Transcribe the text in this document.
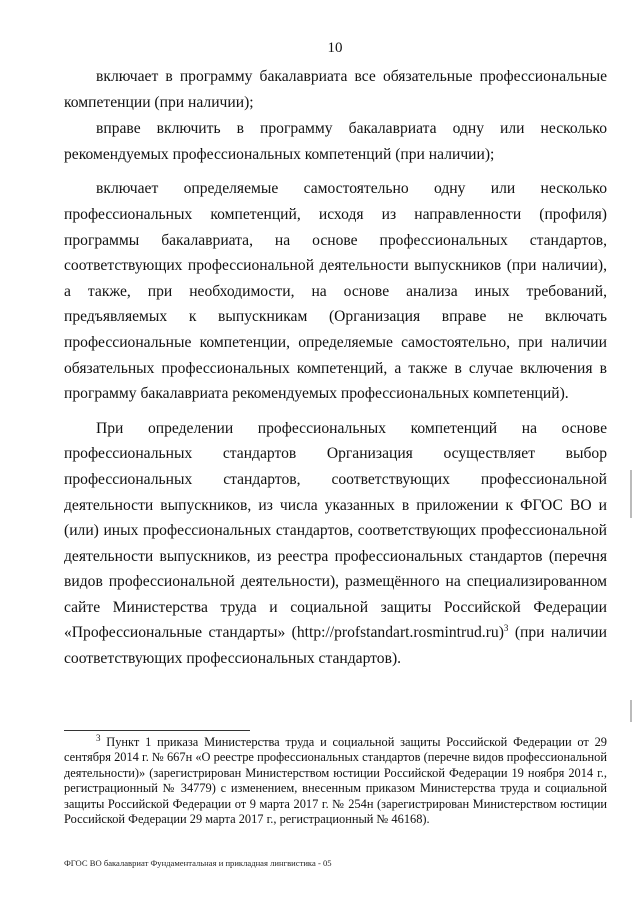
10

включает в программу бакалавриата все обязательные профессиональные компетенции (при наличии);

вправе включить в программу бакалавриата одну или несколько рекомендуемых профессиональных компетенций (при наличии);

включает определяемые самостоятельно одну или несколько профессиональных компетенций, исходя из направленности (профиля) программы бакалавриата, на основе профессиональных стандартов, соответствующих профессиональной деятельности выпускников (при наличии), а также, при необходимости, на основе анализа иных требований, предъявляемых к выпускникам (Организация вправе не включать профессиональные компетенции, определяемые самостоятельно, при наличии обязательных профессиональных компетенций, а также в случае включения в программу бакалавриата рекомендуемых профессиональных компетенций).

При определении профессиональных компетенций на основе профессиональных стандартов Организация осуществляет выбор профессиональных стандартов, соответствующих профессиональной деятельности выпускников, из числа указанных в приложении к ФГОС ВО и (или) иных профессиональных стандартов, соответствующих профессиональной деятельности выпускников, из реестра профессиональных стандартов (перечня видов профессиональной деятельности), размещённого на специализированном сайте Министерства труда и социальной защиты Российской Федерации «Профессиональные стандарты» (http://profstandart.rosmintrud.ru)$^3$ (при наличии соответствующих профессиональных стандартов).

$^3$ Пункт 1 приказа Министерства труда и социальной защиты Российской Федерации от 29 сентября 2014 г. № 667н «О реестре профессиональных стандартов (перечне видов профессиональной деятельности)» (зарегистрирован Министерством юстиции Российской Федерации 19 ноября 2014 г., регистрационный № 34779) с изменением, внесенным приказом Министерства труда и социальной защиты Российской Федерации от 9 марта 2017 г. № 254н (зарегистрирован Министерством юстиции Российской Федерации 29 марта 2017 г., регистрационный № 46168).

ФГОС ВО бакалавриат Фундаментальная и прикладная лингвистика - 05
